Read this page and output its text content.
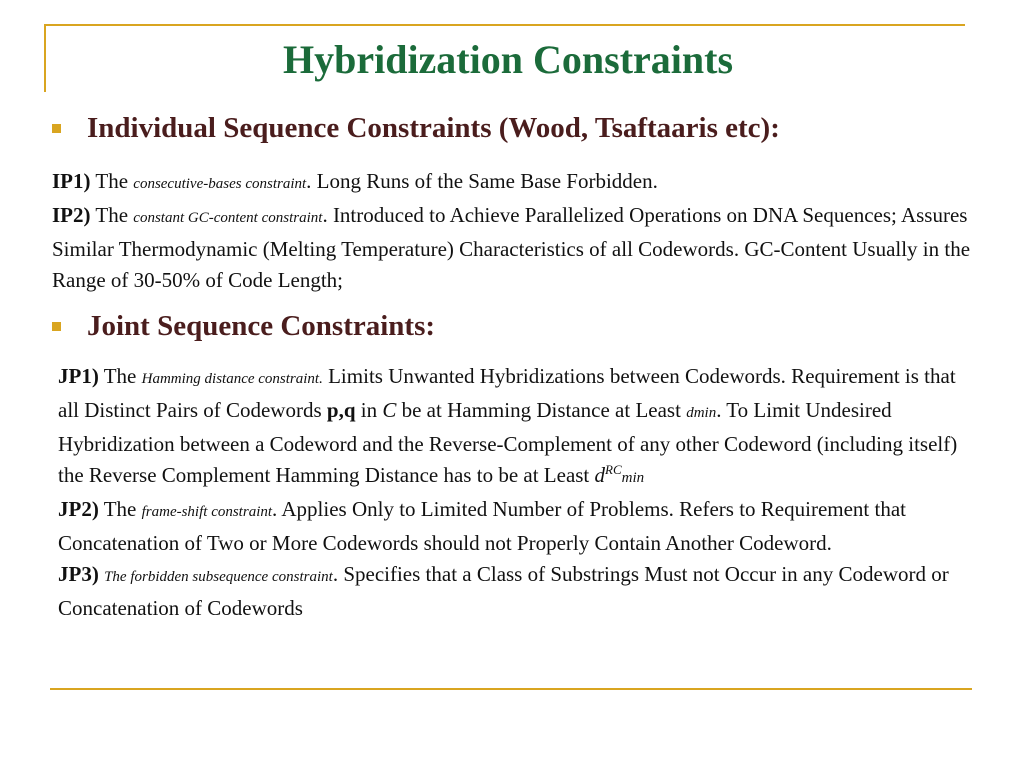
Hybridization Constraints
Individual Sequence Constraints (Wood, Tsaftaaris etc):

IP1) The consecutive-bases constraint. Long Runs of the Same Base Forbidden.

IP2) The constant GC-content constraint. Introduced to Achieve Parallelized Operations on DNA Sequences; Assures Similar Thermodynamic (Melting Temperature) Characteristics of all Codewords. GC-Content Usually in the Range of 30-50% of Code Length;

Joint Sequence Constraints:

JP1) The Hamming distance constraint. Limits Unwanted Hybridizations between Codewords. Requirement is that all Distinct Pairs of Codewords p,q in C be at Hamming Distance at Least dmin. To Limit Undesired Hybridization between a Codeword and the Reverse-Complement of any other Codeword (including itself) the Reverse Complement Hamming Distance has to be at Least $d^{RC}\min$

JP2) The frame-shift constraint. Applies Only to Limited Number of Problems. Refers to Requirement that Concatenation of Two or More Codewords should not Properly Contain Another Codeword.

JP3) The forbidden subsequence constraint. Specifies that a Class of Substrings Must not Occur in any Codeword or Concatenation of Codewords
